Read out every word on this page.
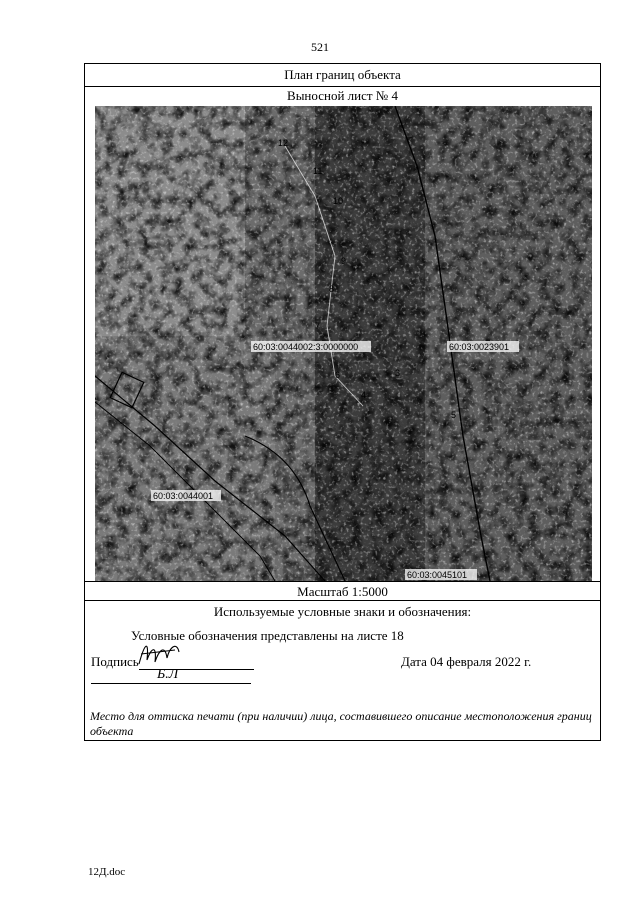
521
План границ объекта
Выносной лист № 4
12
11
10
9
8
7
6
5
4
3
60:03:0044002:3:0000000	60:03:0023901
60:03:0044001
60:03:0045101
Масштаб 1:5000
Используемые условные знаки и обозначения:
Условные обозначения представлены на листе 18
Подпись
Б.Л
Дата 04 февраля 2022 г.
Место для оттиска печати (при наличии) лица, составившего описание местоположения границ объекта
12Д.doc
